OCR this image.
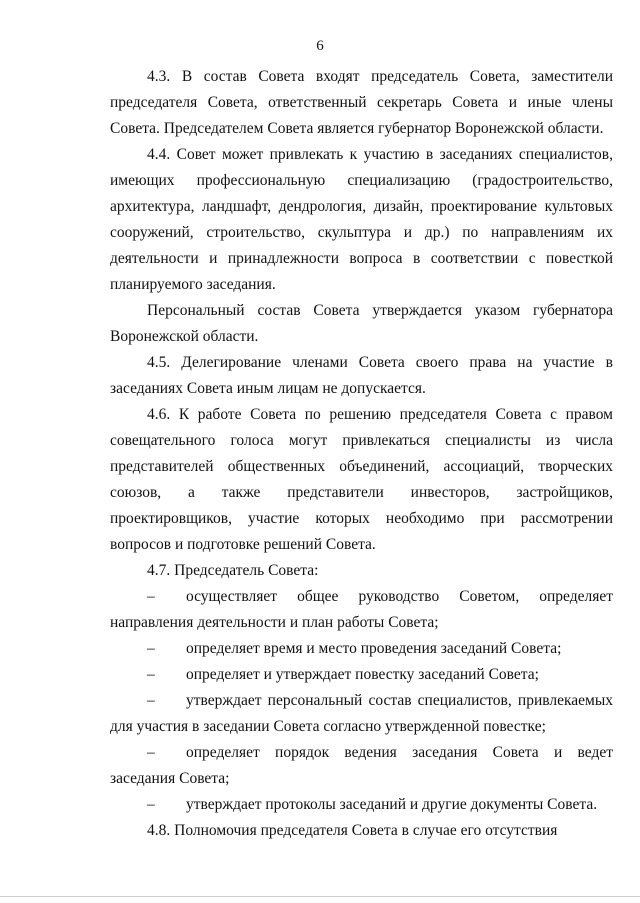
6

4.3. В состав Совета входят председатель Совета, заместители председателя Совета, ответственный секретарь Совета и иные члены Совета. Председателем Совета является губернатор Воронежской области.

4.4. Совет может привлекать к участию в заседаниях специалистов, имеющих профессиональную специализацию (градостроительство, архитектура, ландшафт, дендрология, дизайн, проектирование культовых сооружений, строительство, скульптура и др.) по направлениям их деятельности и принадлежности вопроса в соответствии с повесткой планируемого заседания.

Персональный состав Совета утверждается указом губернатора Воронежской области.

4.5. Делегирование членами Совета своего права на участие в заседаниях Совета иным лицам не допускается.

4.6. К работе Совета по решению председателя Совета с правом совещательного голоса могут привлекаться специалисты из числа представителей общественных объединений, ассоциаций, творческих союзов, а также представители инвесторов, застройщиков, проектировщиков, участие которых необходимо при рассмотрении вопросов и подготовке решений Совета.

4.7. Председатель Совета:

– осуществляет общее руководство Советом, определяет направления деятельности и план работы Совета;

– определяет время и место проведения заседаний Совета;

– определяет и утверждает повестку заседаний Совета;

– утверждает персональный состав специалистов, привлекаемых для участия в заседании Совета согласно утвержденной повестке;

– определяет порядок ведения заседания Совета и ведет заседания Совета;

– утверждает протоколы заседаний и другие документы Совета.

4.8. Полномочия председателя Совета в случае его отсутствия
